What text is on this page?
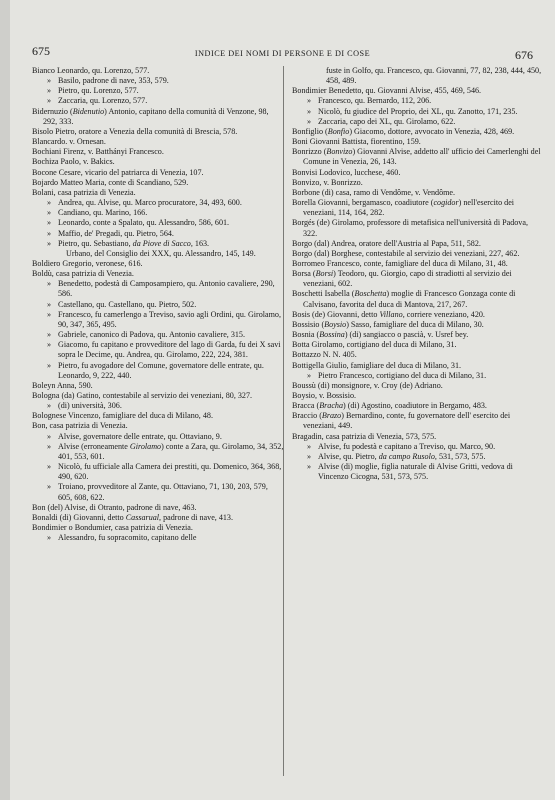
675	INDICE DEI NOMI DI PERSONE E DI COSE	676

Bianco Leonardo, qu. Lorenzo, 577.

» Basilo, padrone di nave, 353, 579.

» Pietro, qu. Lorenzo, 577.

» Zaccaria, qu. Lorenzo, 577.

Bidernuzio (Bidenutio) Antonio, capitano della comunità di Venzone, 98, 292, 333.

Bisolo Pietro, oratore a Venezia della comunità di Brescia, 578.

Blancardo. v. Ornesan.

Bochiani Firenz, v. Batthányi Francesco.

Bochiza Paolo, v. Bakics.

Bocone Cesare, vicario del patriarca di Venezia, 107.

Bojardo Matteo Maria, conte di Scandiano, 529.

Bolani, casa patrizia di Venezia.

» Andrea, qu. Alvise, qu. Marco procuratore, 34, 493, 600.

» Candiano, qu. Marino, 166.

» Leonardo, conte a Spalato, qu. Alessandro, 586, 601.

» Maffio, de' Pregadi, qu. Pietro, 564.

» Pietro, qu. Sebastiano, da Piove di Sacco, 163.

Urbano, del Consiglio dei XXX, qu. Alessandro, 145, 149.

Boldiero Gregorio, veronese, 616.

Boldù, casa patrizia di Venezia.

» Benedetto, podestà di Camposampiero, qu. Antonio cavaliere, 290, 586.

» Castellano, qu. Castellano, qu. Pietro, 502.

» Francesco, fu camerlengo a Treviso, savio agli Ordini, qu. Girolamo, 90, 347, 365, 495.

» Gabriele, canonico di Padova, qu. Antonio cavaliere, 315.

» Giacomo, fu capitano e provveditore del lago di Garda, fu dei X savi sopra le Decime, qu. Andrea, qu. Girolamo, 222, 224, 381.

» Pietro, fu avogadore del Comune, governatore delle entrate, qu. Leonardo, 9, 222, 440.

Boleyn Anna, 590.

Bologna (da) Gatino, contestabile al servizio dei veneziani, 80, 327.

» (di) università, 306.

Bolognese Vincenzo, famigliare del duca di Milano, 48.

Bon, casa patrizia di Venezia.

» Alvise, governatore delle entrate, qu. Ottaviano, 9.

» Alvise (erroneamente Girolamo) conte a Zara, qu. Girolamo, 34, 352, 401, 553, 601.

» Nicolò, fu ufficiale alla Camera dei prestiti, qu. Domenico, 364, 368, 490, 620.

» Troiano, provveditore al Zante, qu. Ottaviano, 71, 130, 203, 579, 605, 608, 622.

Bon (del) Alvise, di Otranto, padrone di nave, 463.

Bonaldi (di) Giovanni, detto Cassarual, padrone di nave, 413.

Bondimier o Bondumier, casa patrizia di Venezia.

» Alessandro, fu sopracomito, capitano delle

fuste in Golfo, qu. Francesco, qu. Giovanni, 77, 82, 238, 444, 450, 458, 489.

Bondimier Benedetto, qu. Giovanni Alvise, 455, 469, 546.

» Francesco, qu. Bernardo, 112, 206.

» Nicolò, fu giudice del Proprio, dei XL, qu. Zanotto, 171, 235.

» Zaccaria, capo dei XL, qu. Girolamo, 622.

Bonfiglio (Bonfio) Giacomo, dottore, avvocato in Venezia, 428, 469.

Boni Giovanni Battista, fiorentino, 159.

Bonrizzo (Bonvizo) Giovanni Alvise, addetto all' ufficio dei Camerlenghi del Comune in Venezia, 26, 143.

Bonvisi Lodovico, lucchese, 460.

Bonvizo, v. Bonrizzo.

Borbone (di) casa, ramo di Vendôme, v. Vendôme.

Borella Giovanni, bergamasco, coadiutore (cogidor) nell'esercito dei veneziani, 114, 164, 282.

Borgés (de) Girolamo, professore di metafisica nell'università di Padova, 322.

Borgo (dal) Andrea, oratore dell'Austria al Papa, 511, 582.

Borgo (dal) Borghese, contestabile al servizio dei veneziani, 227, 462.

Borromeo Francesco, conte, famigliare del duca di Milano, 31, 48.

Borsa (Borsi) Teodoro, qu. Giorgio, capo di stradiotti al servizio dei veneziani, 602.

Boschetti Isabella (Boschetta) moglie di Francesco Gonzaga conte di Calvisano, favorita del duca di Mantova, 217, 267.

Bosis (de) Giovanni, detto Villano, corriere veneziano, 420.

Bossisio (Boysio) Sasso, famigliare del duca di Milano, 30.

Bosnia (Bossina) (di) sangiacco o pascià, v. Usref bey.

Botta Girolamo, cortigiano del duca di Milano, 31.

Bottazzo N. N. 405.

Bottigella Giulio, famigliare del duca di Milano, 31.

» Pietro Francesco, cortigiano del duca di Milano, 31.

Boussù (di) monsignore, v. Croy (de) Adriano.

Boysio, v. Bossisio.

Bracca (Bracha) (di) Agostino, coadiutore in Bergamo, 483.

Braccio (Brazo) Bernardino, conte, fu governatore dell' esercito dei veneziani, 449.

Bragadin, casa patrizia di Venezia, 573, 575.

» Alvise, fu podestà e capitano a Treviso, qu. Marco, 90.

» Alvise, qu. Pietro, da campo Rusolo, 531, 573, 575.

» Alvise (di) moglie, figlia naturale di Alvise Gritti, vedova di Vincenzo Cicogna, 531, 573, 575.
